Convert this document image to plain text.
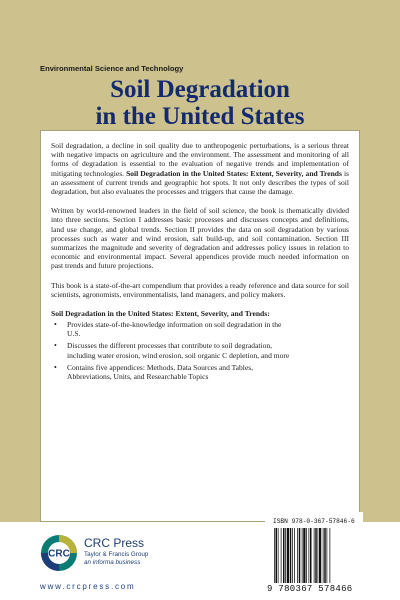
Environmental Science and Technology
Soil Degradation
in the United States

Soil degradation, a decline in soil quality due to anthropogenic perturbations, is a serious threat with negative impacts on agriculture and the environment. The assessment and monitoring of all forms of degradation is essential to the evaluation of negative trends and implementation of mitigating technologies. Soil Degradation in the United States: Extent, Severity, and Trends is an assessment of current trends and geographic hot spots. It not only describes the types of soil degradation, but also evaluates the processes and triggers that cause the damage.

Written by world-renowned leaders in the field of soil science, the book is thematically divided into three sections. Section I addresses basic processes and discusses concepts and definitions, land use change, and global trends. Section II provides the data on soil degradation by various processes such as water and wind erosion, salt build-up, and soil contamination. Section III summarizes the magnitude and severity of degradation and addresses policy issues in relation to economic and environmental impact. Several appendices provide much needed information on past trends and future projections.

This book is a state-of-the-art compendium that provides a ready reference and data source for soil scientists, agronomists, environmentalists, land managers, and policy makers.

Soil Degradation in the United States: Extent, Severity, and Trends:
• Provides state-of-the-knowledge information on soil degradation in the U.S.
• Discusses the different processes that contribute to soil degradation, including water erosion, wind erosion, soil organic C depletion, and more
• Contains five appendices: Methods, Data Sources and Tables, Abbreviations, Units, and Researchable Topics
CRC
CRC Press
Taylor & Francis Group
an informa business
www.crcpress.com
ISBN 978-0-367-57846-6
9 780367 578466
